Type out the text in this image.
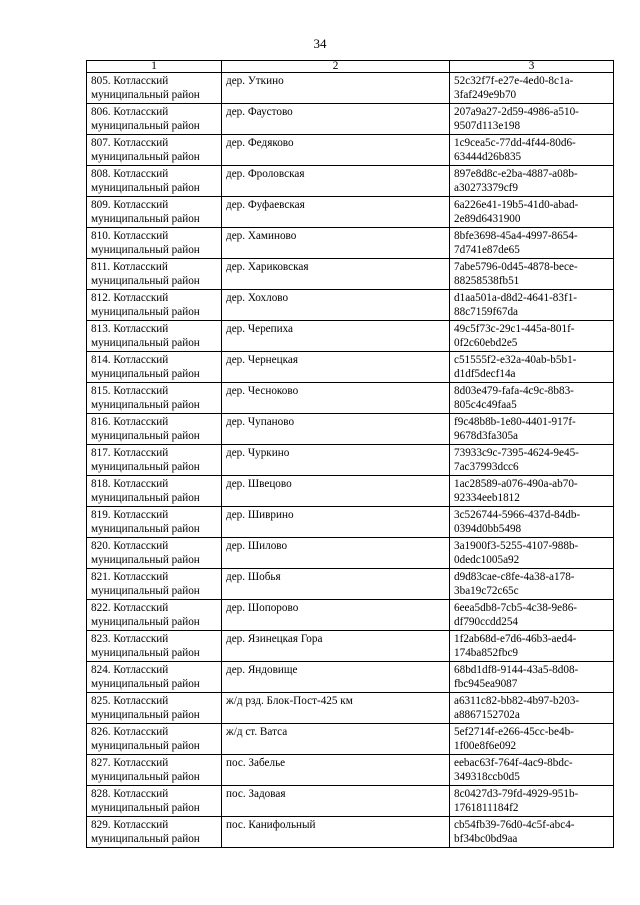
34
1	2	3
805. Котласский
муниципальный район	дер. Уткино	52c32f7f-e27e-4ed0-8c1a-
3faf249e9b70
806. Котласский
муниципальный район	дер. Фаустово	207a9a27-2d59-4986-a510-
9507d113e198
807. Котласский
муниципальный район	дер. Федяково	1c9cea5c-77dd-4f44-80d6-
63444d26b835
808. Котласский
муниципальный район	дер. Фроловская	897e8d8c-e2ba-4887-a08b-
a30273379cf9
809. Котласский
муниципальный район	дер. Фуфаевская	6a226e41-19b5-41d0-abad-
2e89d6431900
810. Котласский
муниципальный район	дер. Хаминово	8bfe3698-45a4-4997-8654-
7d741e87de65
811. Котласский
муниципальный район	дер. Хариковская	7abe5796-0d45-4878-bece-
88258538fb51
812. Котласский
муниципальный район	дер. Хохлово	d1aa501a-d8d2-4641-83f1-
88c7159f67da
813. Котласский
муниципальный район	дер. Черепиха	49c5f73c-29c1-445a-801f-
0f2c60ebd2e5
814. Котласский
муниципальный район	дер. Чернецкая	c51555f2-e32a-40ab-b5b1-
d1df5decf14a
815. Котласский
муниципальный район	дер. Чесноково	8d03e479-fafa-4c9c-8b83-
805c4c49faa5
816. Котласский
муниципальный район	дер. Чупаново	f9c48b8b-1e80-4401-917f-
9678d3fa305a
817. Котласский
муниципальный район	дер. Чуркино	73933c9c-7395-4624-9e45-
7ac37993dcc6
818. Котласский
муниципальный район	дер. Швецово	1ac28589-a076-490a-ab70-
92334eeb1812
819. Котласский
муниципальный район	дер. Шиврино	3c526744-5966-437d-84db-
0394d0bb5498
820. Котласский
муниципальный район	дер. Шилово	3a1900f3-5255-4107-988b-
0dedc1005a92
821. Котласский
муниципальный район	дер. Шобья	d9d83cae-c8fe-4a38-a178-
3ba19c72c65c
822. Котласский
муниципальный район	дер. Шопорово	6eea5db8-7cb5-4c38-9e86-
df790ccdd254
823. Котласский
муниципальный район	дер. Язинецкая Гора	1f2ab68d-e7d6-46b3-aed4-
174ba852fbc9
824. Котласский
муниципальный район	дер. Яндовище	68bd1df8-9144-43a5-8d08-
fbc945ea9087
825. Котласский
муниципальный район	ж/д рзд. Блок-Пост-425 км	a6311c82-bb82-4b97-b203-
a8867152702a
826. Котласский
муниципальный район	ж/д ст. Ватса	5ef2714f-e266-45cc-be4b-
1f00e8f6e092
827. Котласский
муниципальный район	пос. Забелье	eebac63f-764f-4ac9-8bdc-
349318ccb0d5
828. Котласский
муниципальный район	пос. Задовая	8c0427d3-79fd-4929-951b-
1761811184f2
829. Котласский
муниципальный район	пос. Канифольный	cb54fb39-76d0-4c5f-abc4-
bf34bc0bd9aa
